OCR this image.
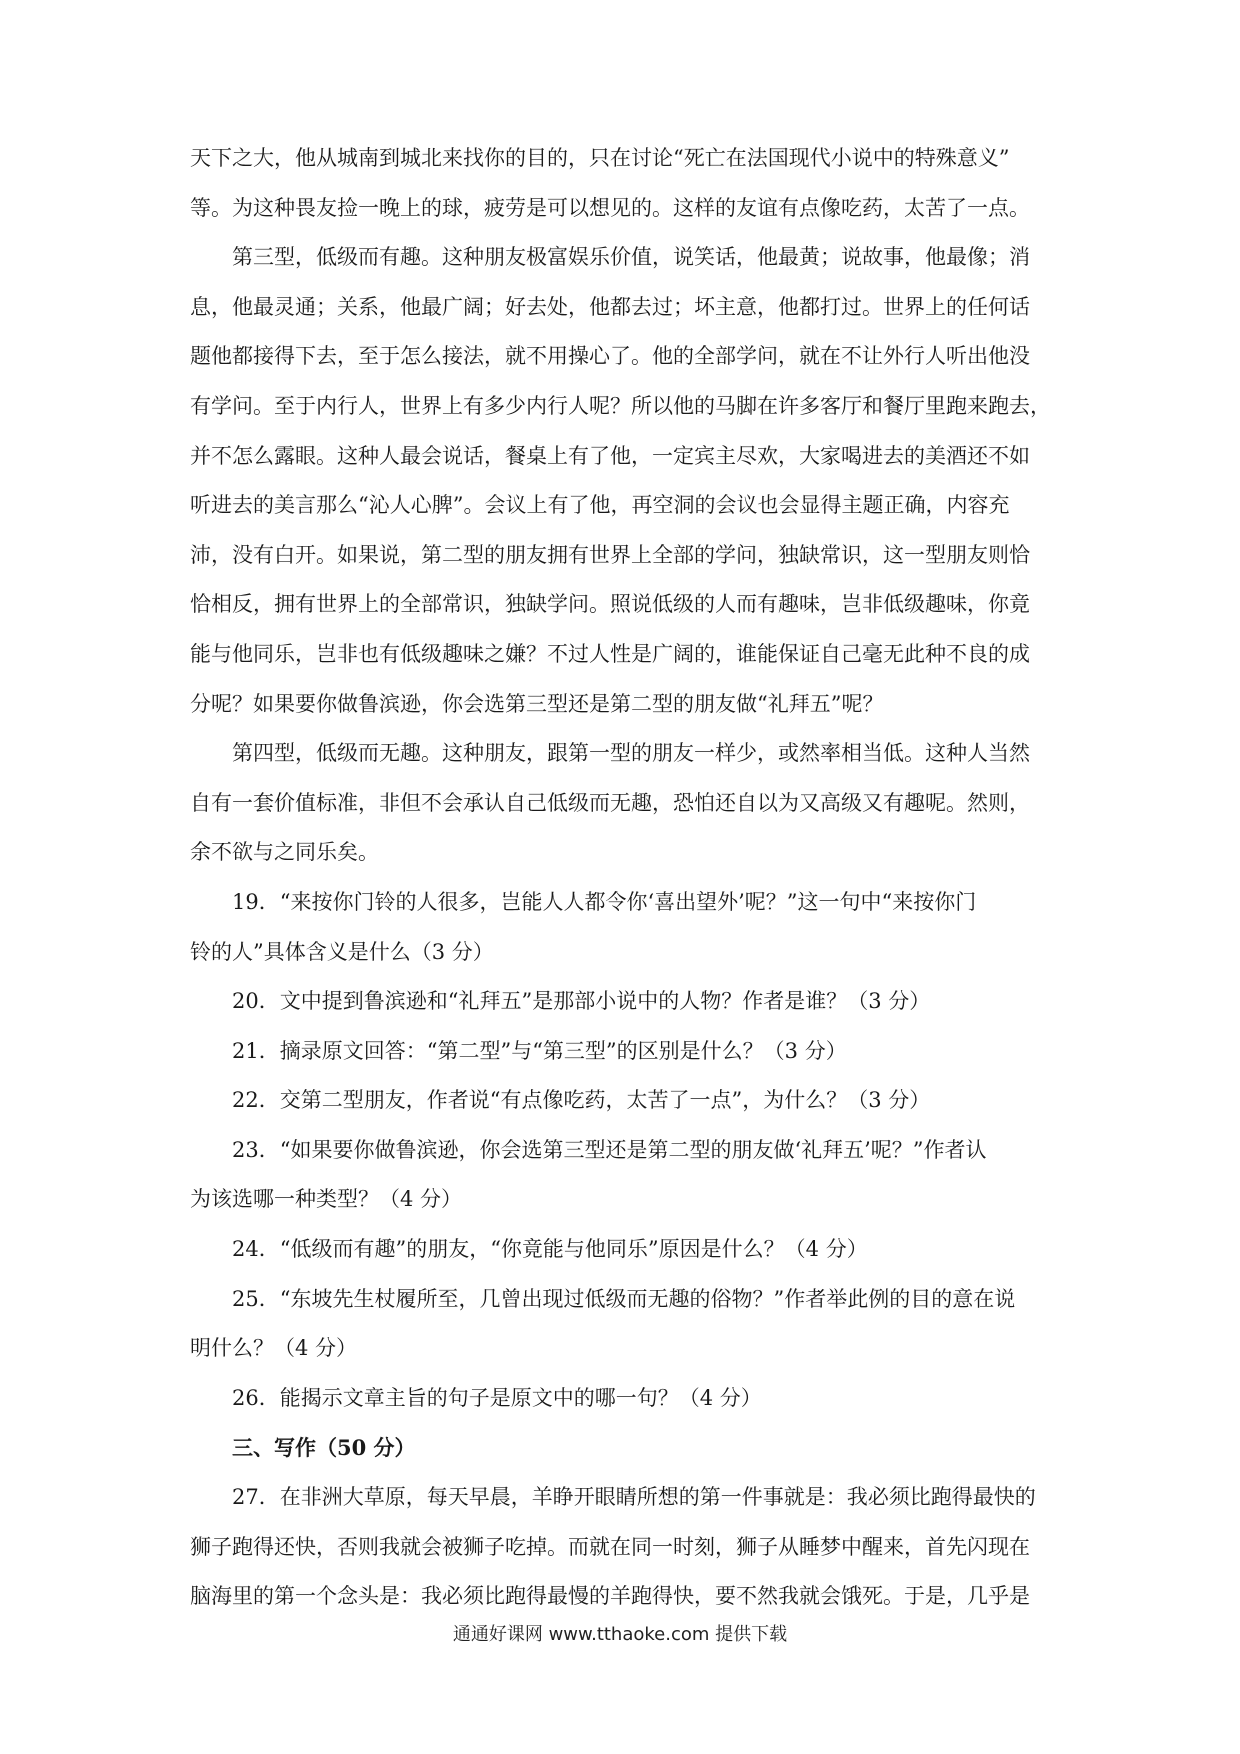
天下之大，他从城南到城北来找你的目的，只在讨论“死亡在法国现代小说中的特殊意义”
等。为这种畏友捡一晚上的球，疲劳是可以想见的。这样的友谊有点像吃药，太苦了一点。
第三型，低级而有趣。这种朋友极富娱乐价值，说笑话，他最黄；说故事，他最像；消
息，他最灵通；关系，他最广阔；好去处，他都去过；坏主意，他都打过。世界上的任何话
题他都接得下去，至于怎么接法，就不用操心了。他的全部学问，就在不让外行人听出他没
有学问。至于内行人，世界上有多少内行人呢？所以他的马脚在许多客厅和餐厅里跑来跑去，
并不怎么露眼。这种人最会说话，餐桌上有了他，一定宾主尽欢，大家喝进去的美酒还不如
听进去的美言那么“沁人心脾”。会议上有了他，再空洞的会议也会显得主题正确，内容充
沛，没有白开。如果说，第二型的朋友拥有世界上全部的学问，独缺常识，这一型朋友则恰
恰相反，拥有世界上的全部常识，独缺学问。照说低级的人而有趣味，岂非低级趣味，你竟
能与他同乐，岂非也有低级趣味之嫌？不过人性是广阔的，谁能保证自己毫无此种不良的成
分呢？如果要你做鲁滨逊，你会选第三型还是第二型的朋友做“礼拜五”呢？
第四型，低级而无趣。这种朋友，跟第一型的朋友一样少，或然率相当低。这种人当然
自有一套价值标准，非但不会承认自己低级而无趣，恐怕还自以为又高级又有趣呢。然则，
余不欲与之同乐矣。
19．“来按你门铃的人很多，岂能人人都令你‘喜出望外’呢？”这一句中“来按你门
铃的人”具体含义是什么（3 分）
20．文中提到鲁滨逊和“礼拜五”是那部小说中的人物？作者是谁？（3 分）
21．摘录原文回答：“第二型”与“第三型”的区别是什么？（3 分）
22．交第二型朋友，作者说“有点像吃药，太苦了一点”，为什么？（3 分）
23．“如果要你做鲁滨逊，你会选第三型还是第二型的朋友做‘礼拜五’呢？”作者认
为该选哪一种类型？（4 分）
24．“低级而有趣”的朋友，“你竟能与他同乐”原因是什么？（4 分）
25．“东坡先生杖履所至，几曾出现过低级而无趣的俗物？”作者举此例的目的意在说
明什么？（4 分）
26．能揭示文章主旨的句子是原文中的哪一句？（4 分）
三、写作（50 分）
27．在非洲大草原，每天早晨，羊睁开眼睛所想的第一件事就是：我必须比跑得最快的
狮子跑得还快，否则我就会被狮子吃掉。而就在同一时刻，狮子从睡梦中醒来，首先闪现在
脑海里的第一个念头是：我必须比跑得最慢的羊跑得快，要不然我就会饿死。于是，几乎是
通通好课网 www.tthaoke.com 提供下载
